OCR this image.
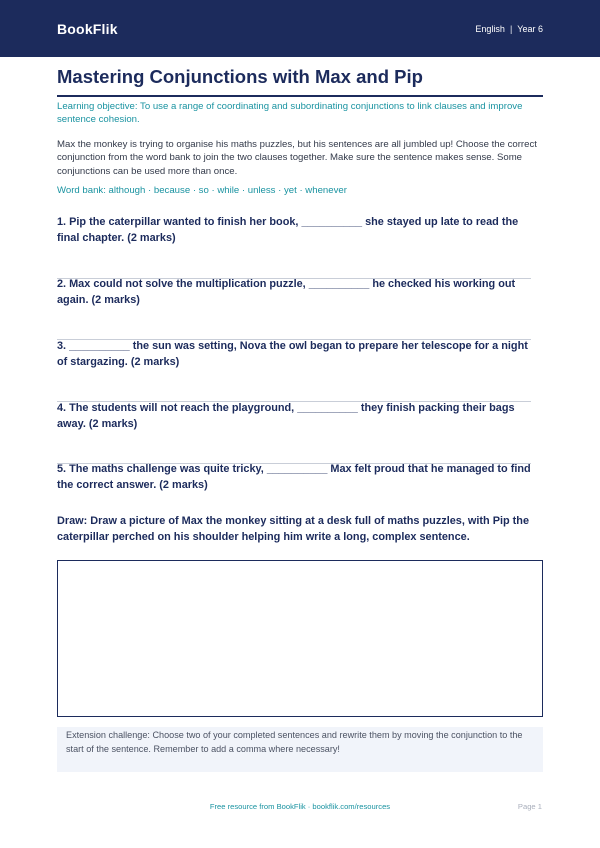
BookFlik	English | Year 6
Mastering Conjunctions with Max and Pip

Learning objective: To use a range of coordinating and subordinating conjunctions to link clauses and improve sentence cohesion.

Max the monkey is trying to organise his maths puzzles, but his sentences are all jumbled up! Choose the correct conjunction from the word bank to join the two clauses together. Make sure the sentence makes sense. Some conjunctions can be used more than once.

Word bank: although · because · so · while · unless · yet · whenever

1. Pip the caterpillar wanted to finish her book, __________ she stayed up late to read the final chapter. (2 marks)

2. Max could not solve the multiplication puzzle, __________ he checked his working out again. (2 marks)

3. __________ the sun was setting, Nova the owl began to prepare her telescope for a night of stargazing. (2 marks)

4. The students will not reach the playground, __________ they finish packing their bags away. (2 marks)

5. The maths challenge was quite tricky, __________ Max felt proud that he managed to find the correct answer. (2 marks)

Draw: Draw a picture of Max the monkey sitting at a desk full of maths puzzles, with Pip the caterpillar perched on his shoulder helping him write a long, complex sentence.

Extension challenge: Choose two of your completed sentences and rewrite them by moving the conjunction to the start of the sentence. Remember to add a comma where necessary!
Free resource from BookFlik · bookflik.com/resources	Page 1
